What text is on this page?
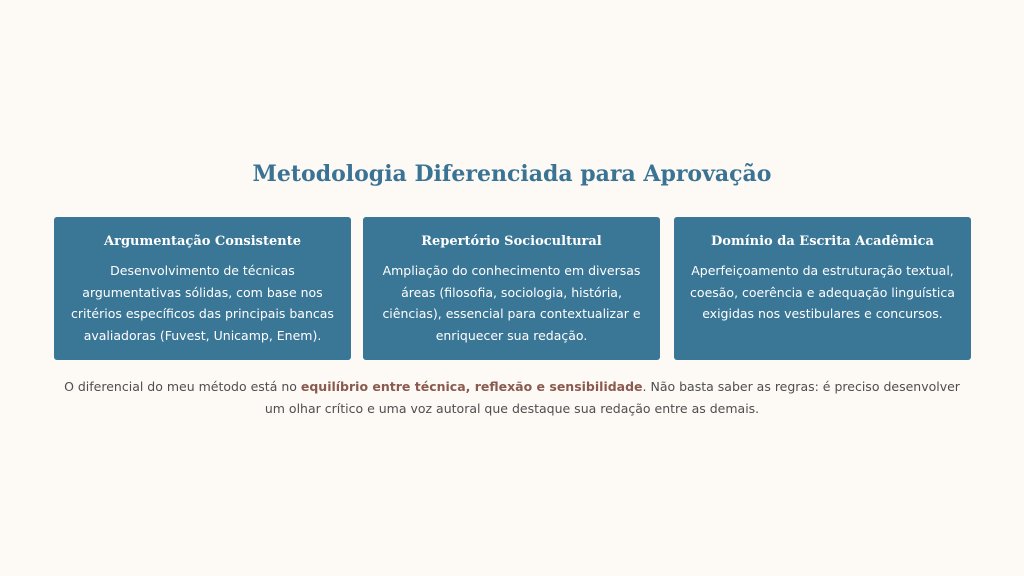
Metodologia Diferenciada para Aprovação
Argumentação Consistente

Desenvolvimento de técnicas argumentativas sólidas, com base nos critérios específicos das principais bancas avaliadoras (Fuvest, Unicamp, Enem).

Repertório Sociocultural

Ampliação do conhecimento em diversas áreas (filosofia, sociologia, história, ciências), essencial para contextualizar e enriquecer sua redação.

Domínio da Escrita Acadêmica

Aperfeiçoamento da estruturação textual, coesão, coerência e adequação linguística exigidas nos vestibulares e concursos.

O diferencial do meu método está no equilíbrio entre técnica, reflexão e sensibilidade. Não basta saber as regras: é preciso desenvolver um olhar crítico e uma voz autoral que destaque sua redação entre as demais.
